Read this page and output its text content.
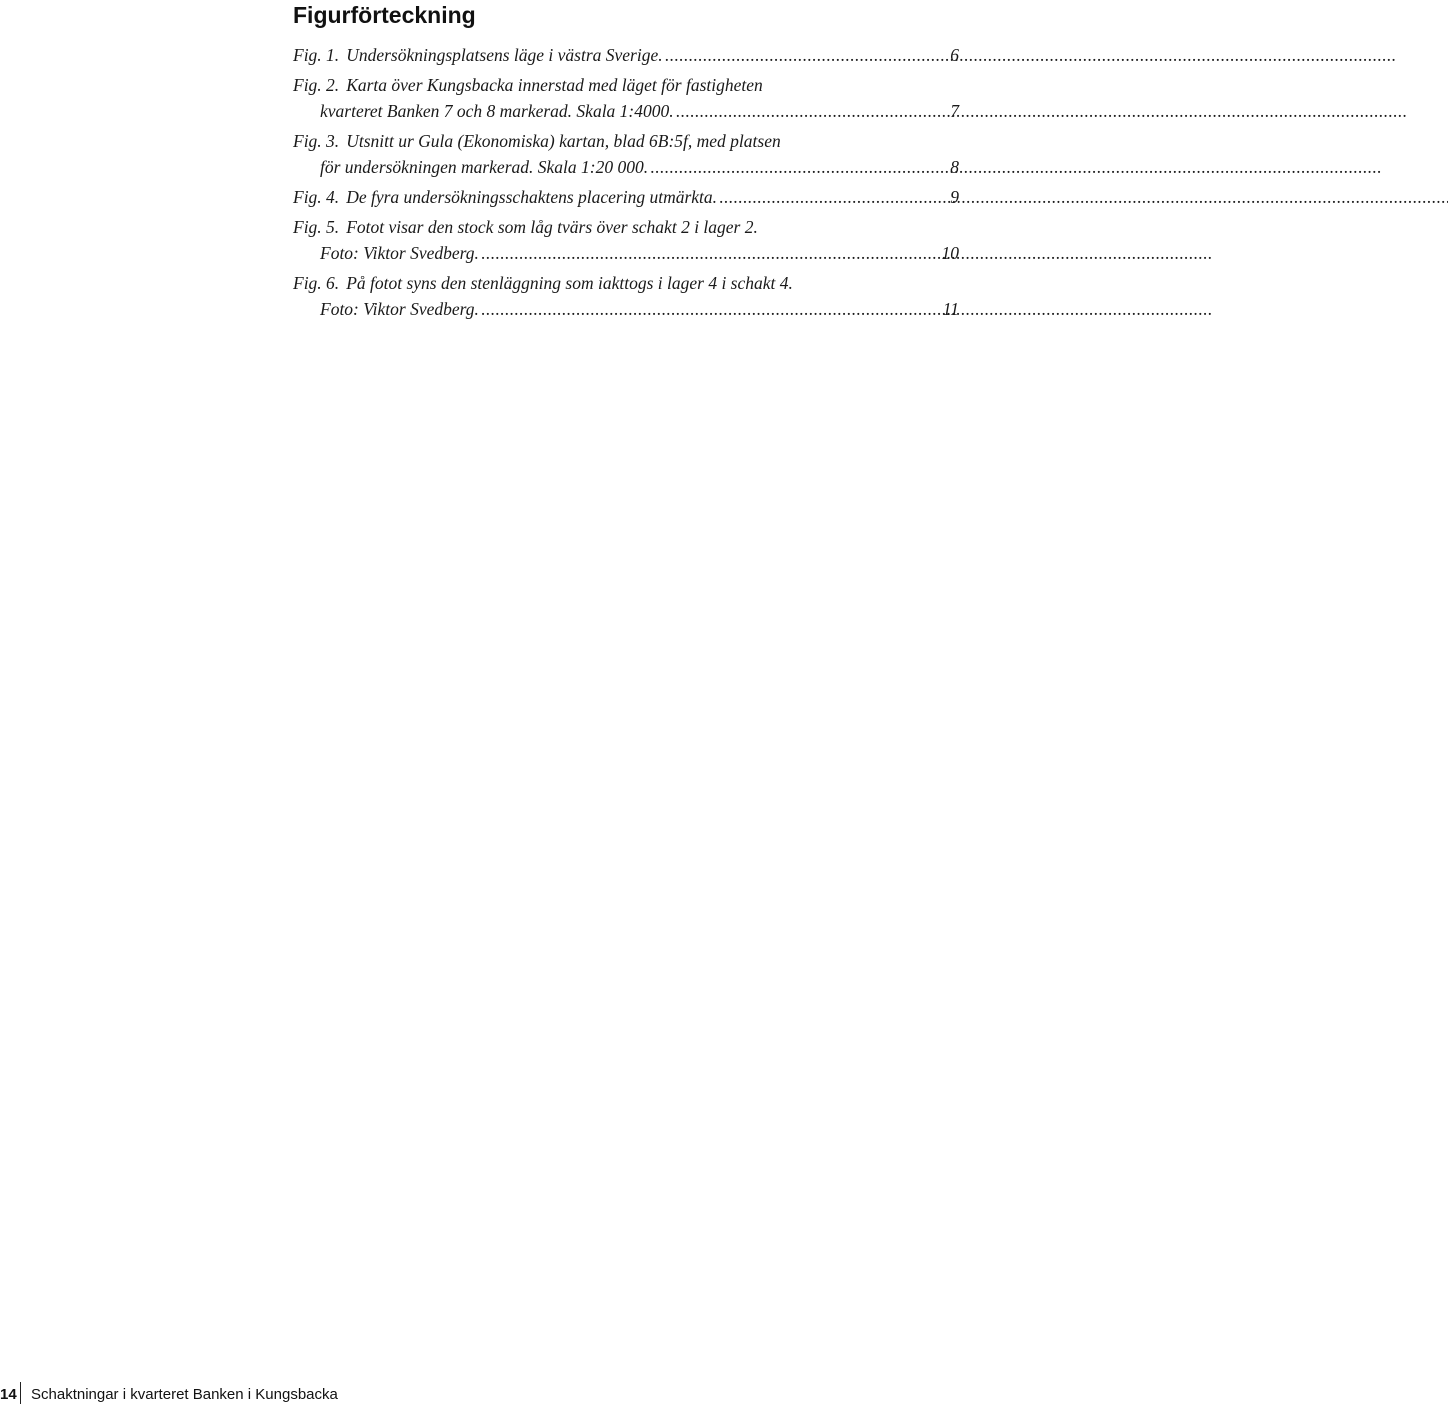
Figurförteckning
Fig. 1. Undersökningsplatsens läge i västra Sverige. . . .	6
Fig. 2. Karta över Kungsbacka innerstad med läget för fastigheten
kvarteret Banken 7 och 8 markerad. Skala 1:4000. . . .	7
Fig. 3. Utsnitt ur Gula (Ekonomiska) kartan, blad 6B:5f, med platsen
för undersökningen markerad. Skala 1:20 000. . . .	8
Fig. 4. De fyra undersökningsschaktens placering utmärkta. . . .	9
Fig. 5. Fotot visar den stock som låg tvärs över schakt 2 i lager 2.
Foto: Viktor Svedberg. . . .	10
Fig. 6. På fotot syns den stenläggning som iakttogs i lager 4 i schakt 4.
Foto: Viktor Svedberg. . . .	11
14 Schaktningar i kvarteret Banken i Kungsbacka
